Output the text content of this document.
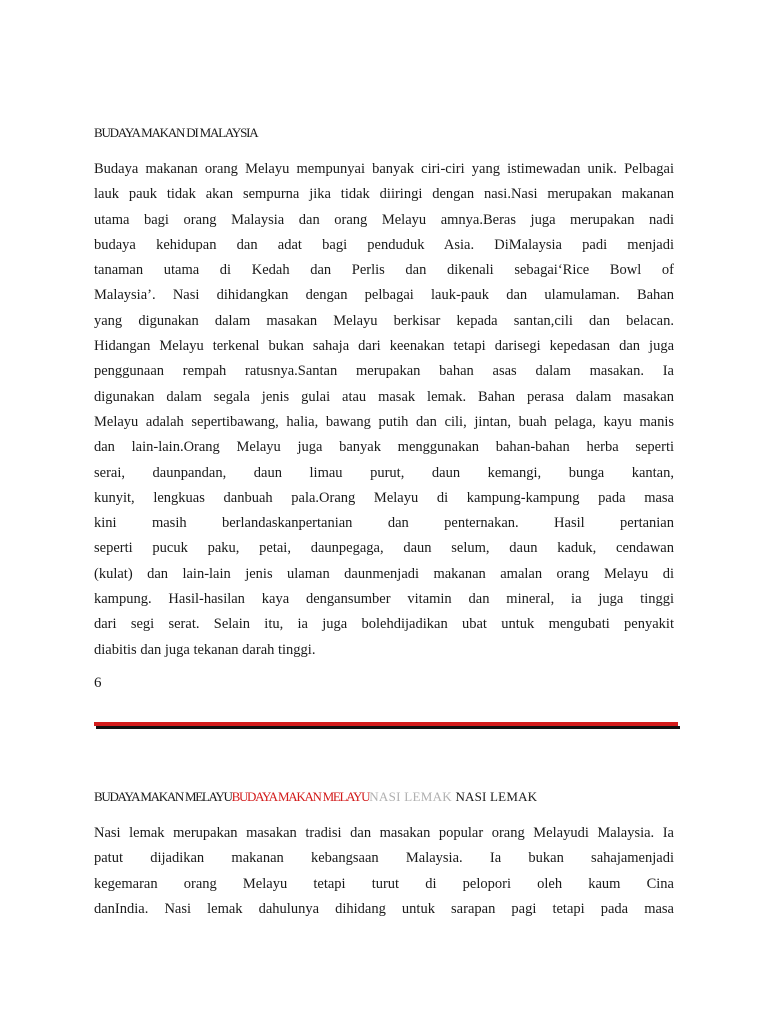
BUDAYA MAKAN DI MALAYSIA
Budaya makanan orang Melayu mempunyai banyak ciri-ciri yang istimewadan unik. Pelbagai
lauk pauk tidak akan sempurna jika tidak diiringi dengan nasi.Nasi merupakan makanan
utama bagi orang Malaysia dan orang Melayu amnya.Beras juga merupakan nadi
budaya kehidupan dan adat bagi penduduk Asia. DiMalaysia padi menjadi
tanaman utama di Kedah dan Perlis dan dikenali sebagai‘Rice Bowl of
Malaysia’. Nasi dihidangkan dengan pelbagai lauk-pauk dan ulamulaman. Bahan
yang digunakan dalam masakan Melayu berkisar kepada santan,cili dan belacan.
Hidangan Melayu terkenal bukan sahaja dari keenakan tetapi darisegi kepedasan dan juga
penggunaan rempah ratusnya.Santan merupakan bahan asas dalam masakan. Ia
digunakan dalam segala jenis gulai atau masak lemak. Bahan perasa dalam masakan
Melayu adalah sepertibawang, halia, bawang putih dan cili, jintan, buah pelaga, kayu manis
dan lain-lain.Orang Melayu juga banyak menggunakan bahan-bahan herba seperti
serai, daunpandan, daun limau purut, daun kemangi, bunga kantan,
kunyit, lengkuas danbuah pala.Orang Melayu di kampung-kampung pada masa
kini masih berlandaskanpertanian dan penternakan. Hasil pertanian
seperti pucuk paku, petai, daunpegaga, daun selum, daun kaduk, cendawan
(kulat) dan lain-lain jenis ulaman daunmenjadi makanan amalan orang Melayu di
kampung. Hasil-hasilan kaya dengansumber vitamin dan mineral, ia juga tinggi
dari segi serat. Selain itu, ia juga bolehdijadikan ubat untuk mengubati penyakit
diabitis dan juga tekanan darah tinggi.
6
BUDAYA MAKAN MELAYUBUDAYA MAKAN MELAYUNASI LEMAK NASI LEMAK
Nasi lemak merupakan masakan tradisi dan masakan popular orang Melayudi Malaysia. Ia
patut dijadikan makanan kebangsaan Malaysia. Ia bukan sahajamenjadi
kegemaran orang Melayu tetapi turut di pelopori oleh kaum Cina
danIndia. Nasi lemak dahulunya dihidang untuk sarapan pagi tetapi pada masa
